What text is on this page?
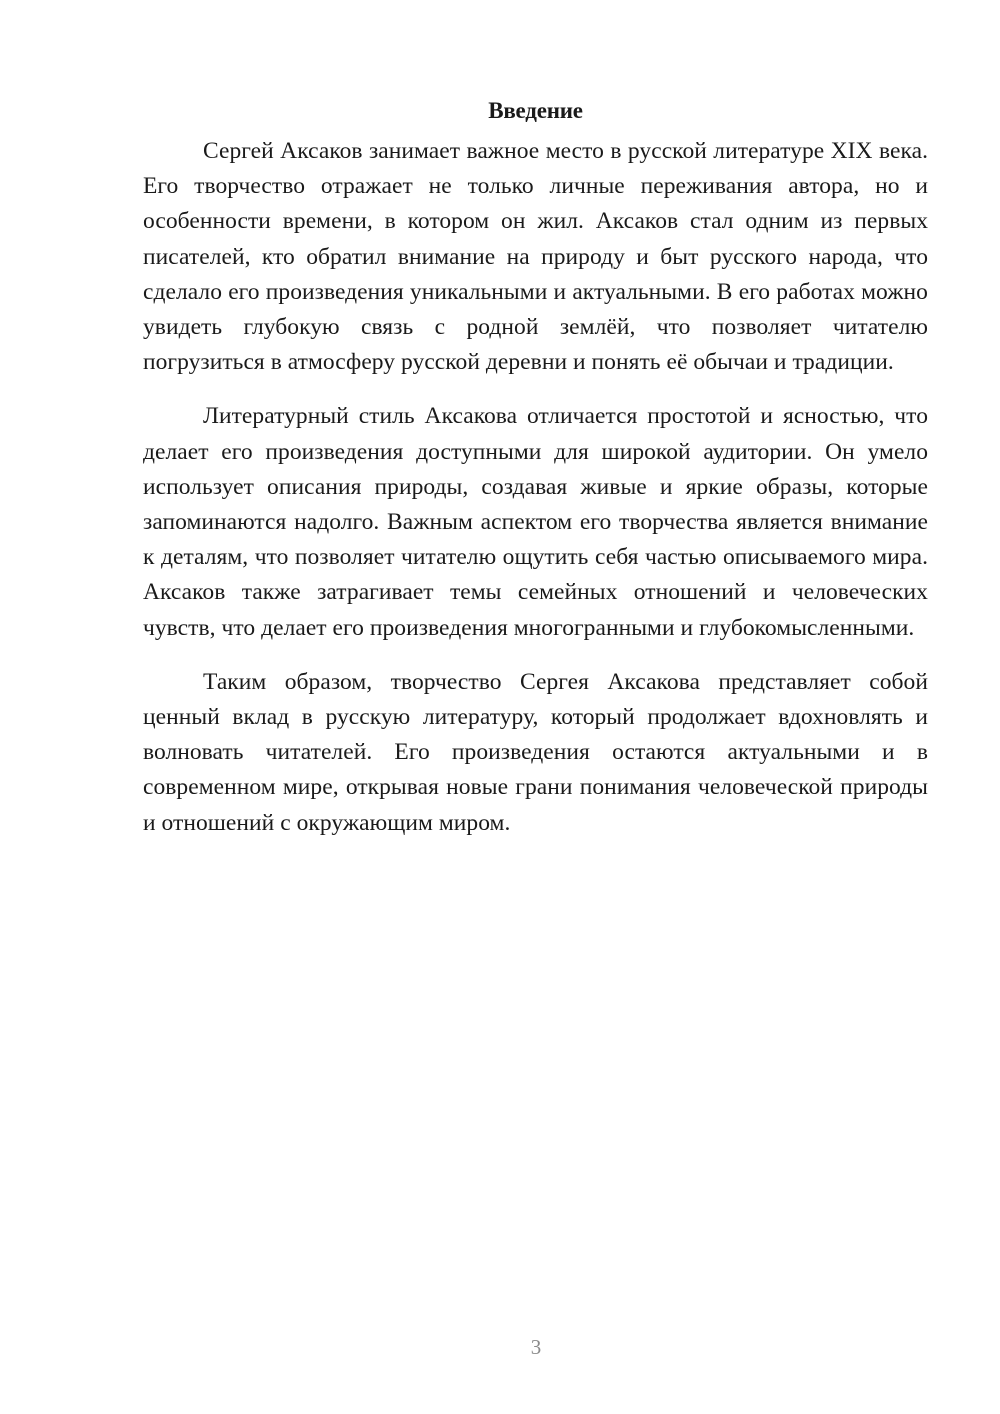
Введение

Сергей Аксаков занимает важное место в русской литературе XIX века. Его творчество отражает не только личные переживания автора, но и особенности времени, в котором он жил. Аксаков стал одним из первых писателей, кто обратил внимание на природу и быт русского народа, что сделало его произведения уникальными и актуальными. В его работах можно увидеть глубокую связь с родной землёй, что позволяет читателю погрузиться в атмосферу русской деревни и понять её обычаи и традиции.

Литературный стиль Аксакова отличается простотой и ясностью, что делает его произведения доступными для широкой аудитории. Он умело использует описания природы, создавая живые и яркие образы, которые запоминаются надолго. Важным аспектом его творчества является внимание к деталям, что позволяет читателю ощутить себя частью описываемого мира. Аксаков также затрагивает темы семейных отношений и человеческих чувств, что делает его произведения многогранными и глубокомысленными.

Таким образом, творчество Сергея Аксакова представляет собой ценный вклад в русскую литературу, который продолжает вдохновлять и волновать читателей. Его произведения остаются актуальными и в современном мире, открывая новые грани понимания человеческой природы и отношений с окружающим миром.

3
